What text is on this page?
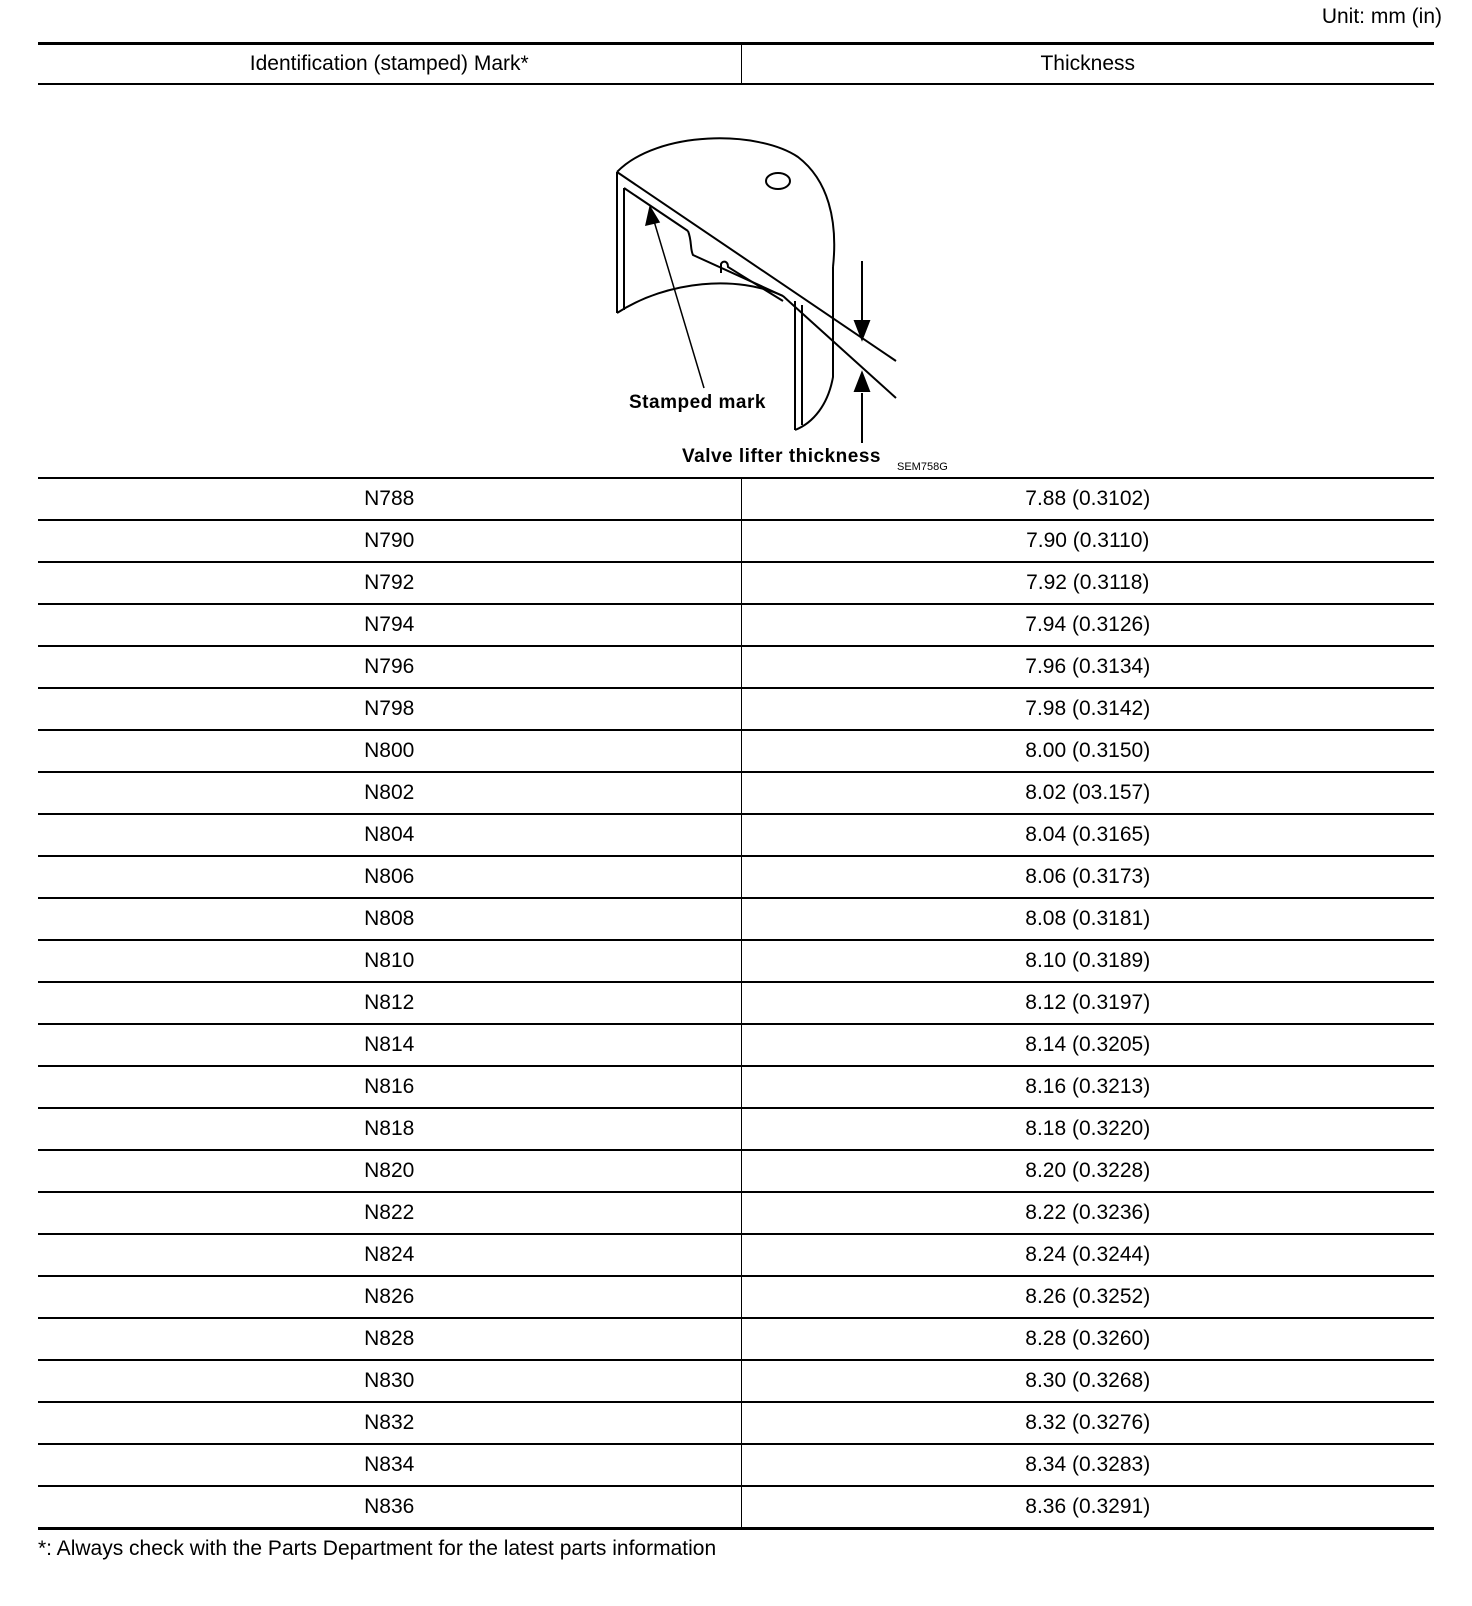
Unit: mm (in)
Identification (stamped) Mark*	Thickness

Stamped mark
Valve lifter thickness SEM758G	

N788	7.88 (0.3102)
N790	7.90 (0.3110)
N792	7.92 (0.3118)
N794	7.94 (0.3126)
N796	7.96 (0.3134)
N798	7.98 (0.3142)
N800	8.00 (0.3150)
N802	8.02 (03.157)
N804	8.04 (0.3165)
N806	8.06 (0.3173)
N808	8.08 (0.3181)
N810	8.10 (0.3189)
N812	8.12 (0.3197)
N814	8.14 (0.3205)
N816	8.16 (0.3213)
N818	8.18 (0.3220)
N820	8.20 (0.3228)
N822	8.22 (0.3236)
N824	8.24 (0.3244)
N826	8.26 (0.3252)
N828	8.28 (0.3260)
N830	8.30 (0.3268)
N832	8.32 (0.3276)
N834	8.34 (0.3283)
N836	8.36 (0.3291)
*: Always check with the Parts Department for the latest parts information
